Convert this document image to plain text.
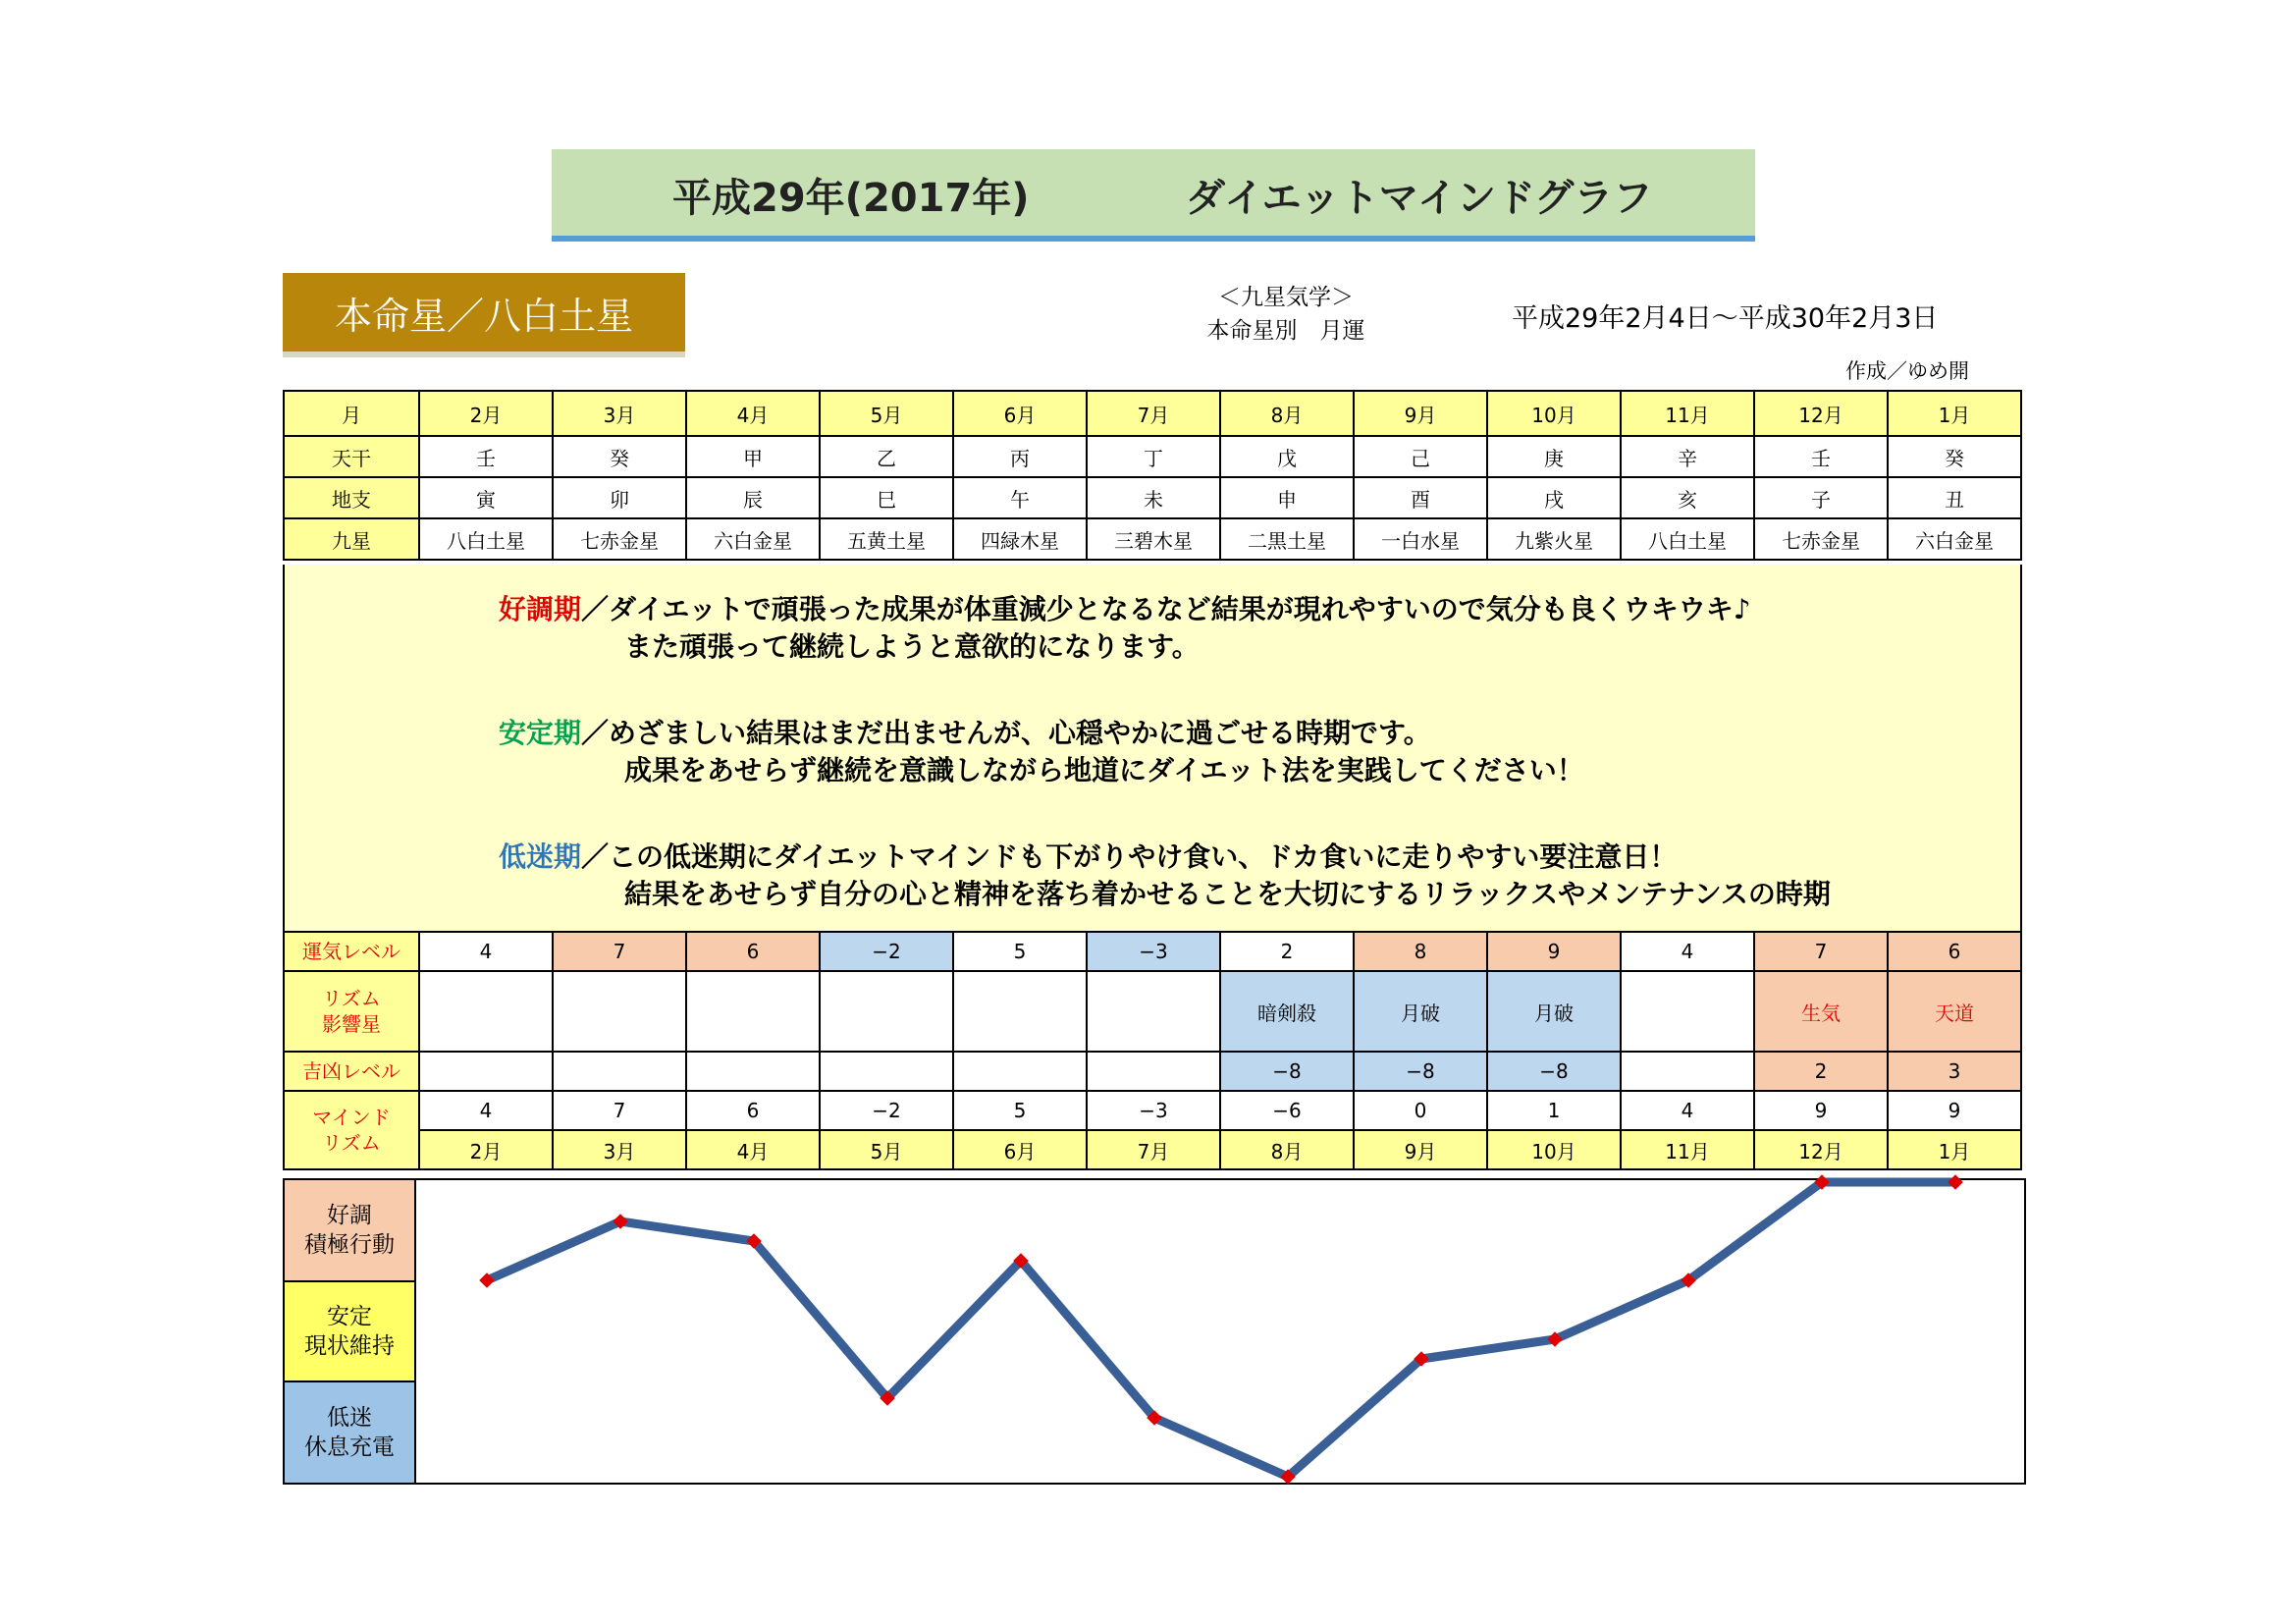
平成29年(2017年)	ダイエットマインドグラフ
本命星／八白土星	＜九星気学＞
本命星別　月運	平成29年2月4日～平成30年2月3日
作成／ゆめ開
月	2月	3月	4月	5月	6月	7月	8月	9月	10月	11月	12月	1月
天干	壬	癸	甲	乙	丙	丁	戊	己	庚	辛	壬	癸
地支	寅	卯	辰	巳	午	未	申	酉	戌	亥	子	丑
九星	八白土星	七赤金星	六白金星	五黄土星	四緑木星	三碧木星	二黒土星	一白水星	九紫火星	八白土星	七赤金星	六白金星
好調期／ダイエットで頑張った成果が体重減少となるなど結果が現れやすいので気分も良くウキウキ♪
また頑張って継続しようと意欲的になります。
安定期／めざましい結果はまだ出ませんが、心穏やかに過ごせる時期です。
成果をあせらず継続を意識しながら地道にダイエット法を実践してください！
低迷期／この低迷期にダイエットマインドも下がりやけ食い、ドカ食いに走りやすい要注意日！
結果をあせらず自分の心と精神を落ち着かせることを大切にするリラックスやメンテナンスの時期
運気レベル	4	7	6	−2	5	−3	2	8	9	4	7	6

リズム
影響星							暗剣殺	月破	月破		生気	天道
吉凶レベル							−8	−8	−8		2	3

マインド
リズム	4	7	6	−2	5	−3	−6	0	1	4	9	9
	2月	3月	4月	5月	6月	7月	8月	9月	10月	11月	12月	1月
好調
積極行動
安定
現状維持
低迷
休息充電
